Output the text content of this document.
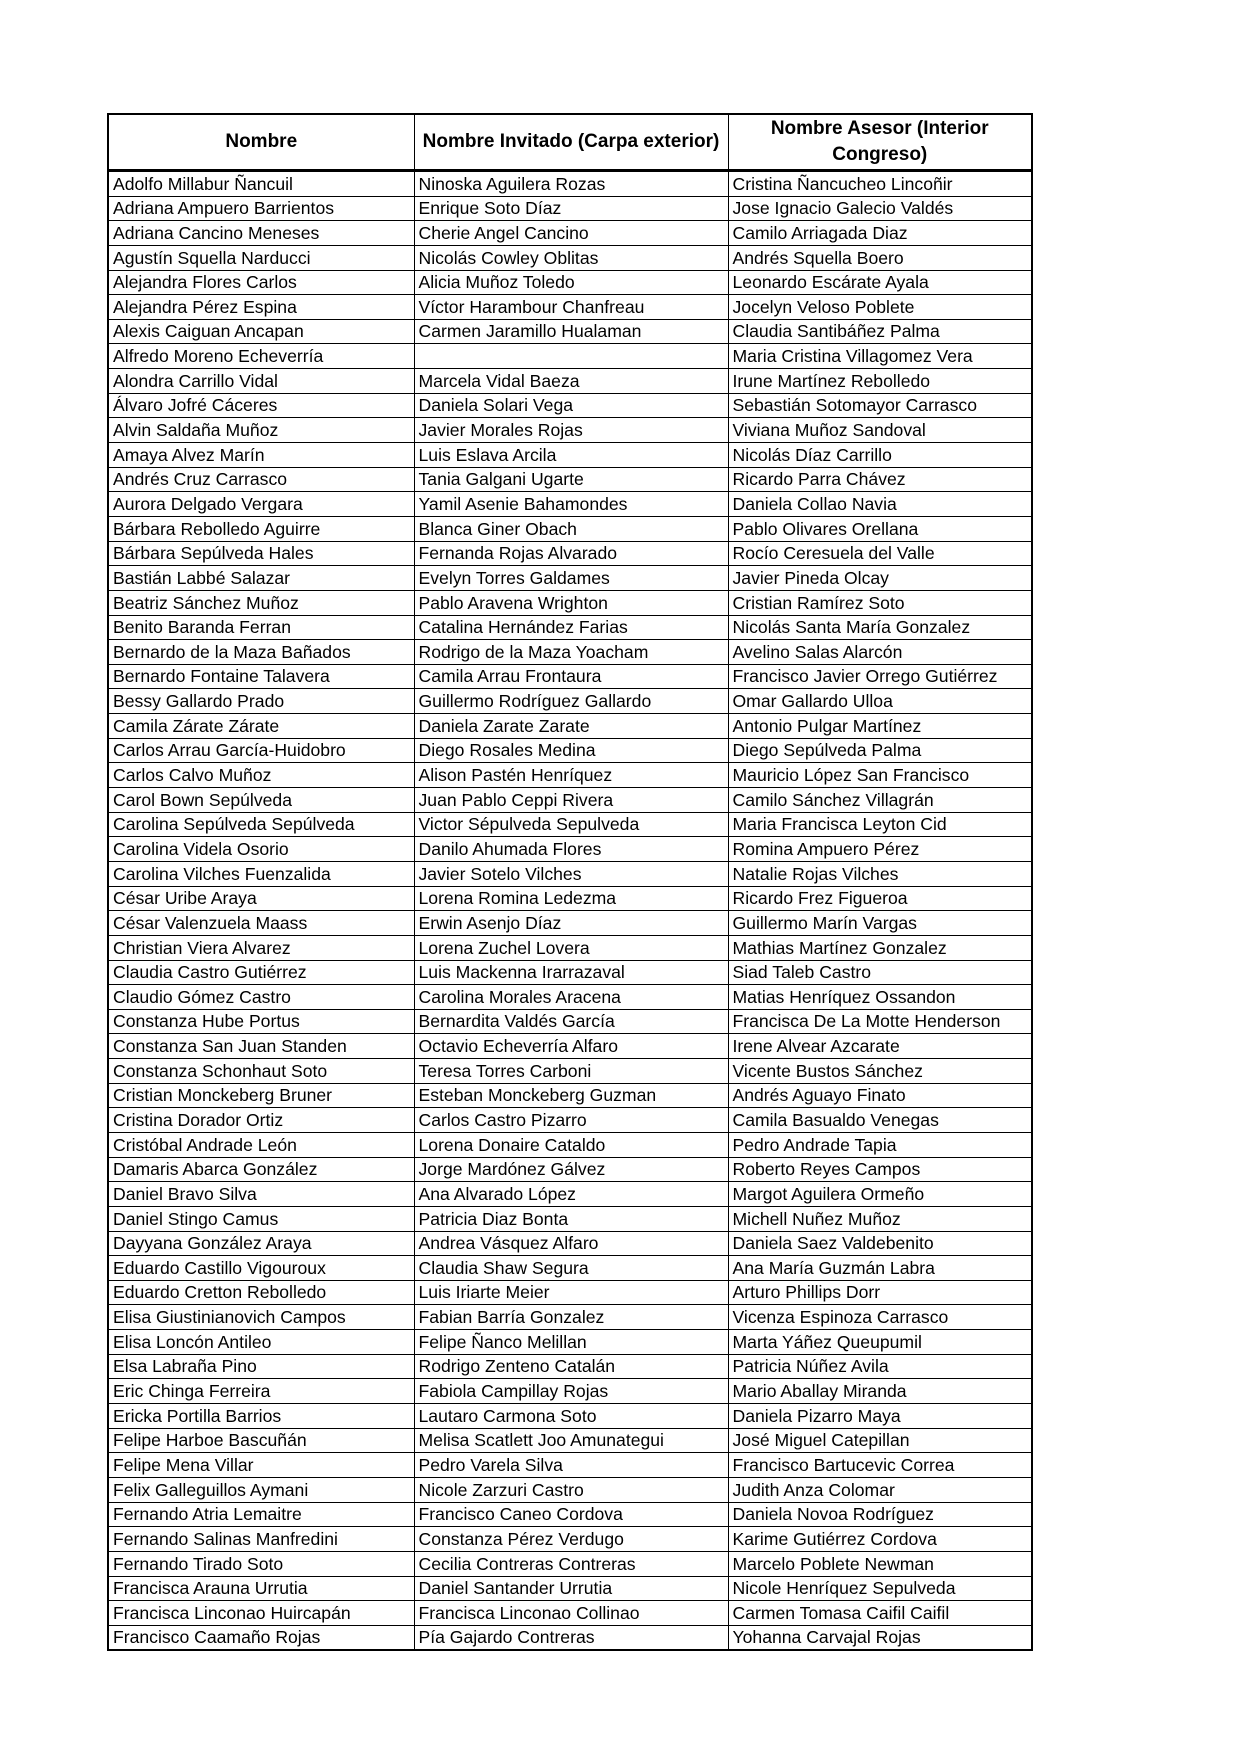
Nombre	Nombre Invitado (Carpa exterior)	Nombre Asesor (Interior Congreso)
Adolfo Millabur Ñancuil	Ninoska Aguilera Rozas	Cristina Ñancucheo Lincoñir
Adriana Ampuero Barrientos	Enrique Soto Díaz	Jose Ignacio Galecio Valdés
Adriana Cancino Meneses	Cherie Angel Cancino	Camilo Arriagada Diaz
Agustín Squella Narducci	Nicolás Cowley Oblitas	Andrés Squella Boero
Alejandra Flores Carlos	Alicia Muñoz Toledo	Leonardo Escárate Ayala
Alejandra Pérez Espina	Víctor Harambour Chanfreau	Jocelyn Veloso Poblete
Alexis Caiguan Ancapan	Carmen Jaramillo Hualaman	Claudia Santibáñez Palma
Alfredo Moreno Echeverría		Maria Cristina Villagomez Vera
Alondra Carrillo Vidal	Marcela Vidal Baeza	Irune Martínez Rebolledo
Álvaro Jofré Cáceres	Daniela Solari Vega	Sebastián Sotomayor Carrasco
Alvin Saldaña Muñoz	Javier Morales Rojas	Viviana Muñoz Sandoval
Amaya Alvez Marín	Luis Eslava Arcila	Nicolás Díaz Carrillo
Andrés Cruz Carrasco	Tania Galgani Ugarte	Ricardo Parra Chávez
Aurora Delgado Vergara	Yamil Asenie Bahamondes	Daniela Collao Navia
Bárbara Rebolledo Aguirre	Blanca Giner Obach	Pablo Olivares Orellana
Bárbara Sepúlveda Hales	Fernanda Rojas Alvarado	Rocío Ceresuela del Valle
Bastián Labbé Salazar	Evelyn Torres Galdames	Javier Pineda Olcay
Beatriz Sánchez Muñoz	Pablo Aravena Wrighton	Cristian Ramírez Soto
Benito Baranda Ferran	Catalina Hernández Farias	Nicolás Santa María Gonzalez
Bernardo de la Maza Bañados	Rodrigo de la Maza Yoacham	Avelino Salas Alarcón
Bernardo Fontaine Talavera	Camila Arrau Frontaura	Francisco Javier Orrego Gutiérrez
Bessy Gallardo Prado	Guillermo Rodríguez Gallardo	Omar Gallardo Ulloa
Camila Zárate Zárate	Daniela Zarate Zarate	Antonio Pulgar Martínez
Carlos Arrau García-Huidobro	Diego Rosales Medina	Diego Sepúlveda Palma
Carlos Calvo Muñoz	Alison Pastén Henríquez	Mauricio López San Francisco
Carol Bown Sepúlveda	Juan Pablo Ceppi Rivera	Camilo Sánchez Villagrán
Carolina Sepúlveda Sepúlveda	Victor Sépulveda Sepulveda	Maria Francisca Leyton Cid
Carolina Videla Osorio	Danilo Ahumada Flores	Romina Ampuero Pérez
Carolina Vilches Fuenzalida	Javier Sotelo Vilches	Natalie Rojas Vilches
César Uribe Araya	Lorena Romina Ledezma	Ricardo Frez Figueroa
César Valenzuela Maass	Erwin Asenjo Díaz	Guillermo Marín Vargas
Christian Viera Alvarez	Lorena Zuchel Lovera	Mathias Martínez Gonzalez
Claudia Castro Gutiérrez	Luis Mackenna Irarrazaval	Siad Taleb Castro
Claudio Gómez Castro	Carolina Morales Aracena	Matias Henríquez Ossandon
Constanza Hube Portus	Bernardita Valdés García	Francisca De La Motte Henderson
Constanza San Juan Standen	Octavio Echeverría Alfaro	Irene Alvear Azcarate
Constanza Schonhaut Soto	Teresa Torres Carboni	Vicente Bustos Sánchez
Cristian Monckeberg Bruner	Esteban Monckeberg Guzman	Andrés Aguayo Finato
Cristina Dorador Ortiz	Carlos Castro Pizarro	Camila Basualdo Venegas
Cristóbal Andrade León	Lorena Donaire Cataldo	Pedro Andrade Tapia
Damaris Abarca González	Jorge Mardónez Gálvez	Roberto Reyes Campos
Daniel Bravo Silva	Ana Alvarado López	Margot Aguilera Ormeño
Daniel Stingo Camus	Patricia Diaz Bonta	Michell Nuñez Muñoz
Dayyana González Araya	Andrea Vásquez Alfaro	Daniela Saez Valdebenito
Eduardo Castillo Vigouroux	Claudia Shaw Segura	Ana María Guzmán Labra
Eduardo Cretton Rebolledo	Luis Iriarte Meier	Arturo Phillips Dorr
Elisa Giustinianovich Campos	Fabian Barría Gonzalez	Vicenza Espinoza Carrasco
Elisa Loncón Antileo	Felipe Ñanco Melillan	Marta Yáñez Queupumil
Elsa Labraña Pino	Rodrigo Zenteno Catalán	Patricia Núñez Avila
Eric Chinga Ferreira	Fabiola Campillay Rojas	Mario Aballay Miranda
Ericka Portilla Barrios	Lautaro Carmona Soto	Daniela Pizarro Maya
Felipe Harboe Bascuñán	Melisa Scatlett Joo Amunategui	José Miguel Catepillan
Felipe Mena Villar	Pedro Varela Silva	Francisco Bartucevic Correa
Felix Galleguillos Aymani	Nicole Zarzuri Castro	Judith Anza Colomar
Fernando Atria Lemaitre	Francisco Caneo Cordova	Daniela Novoa Rodríguez
Fernando Salinas Manfredini	Constanza Pérez Verdugo	Karime Gutiérrez Cordova
Fernando Tirado Soto	Cecilia Contreras Contreras	Marcelo Poblete Newman
Francisca Arauna Urrutia	Daniel Santander Urrutia	Nicole Henríquez Sepulveda
Francisca Linconao Huircapán	Francisca Linconao Collinao	Carmen Tomasa Caifil Caifil
Francisco Caamaño Rojas	Pía Gajardo Contreras	Yohanna Carvajal Rojas
